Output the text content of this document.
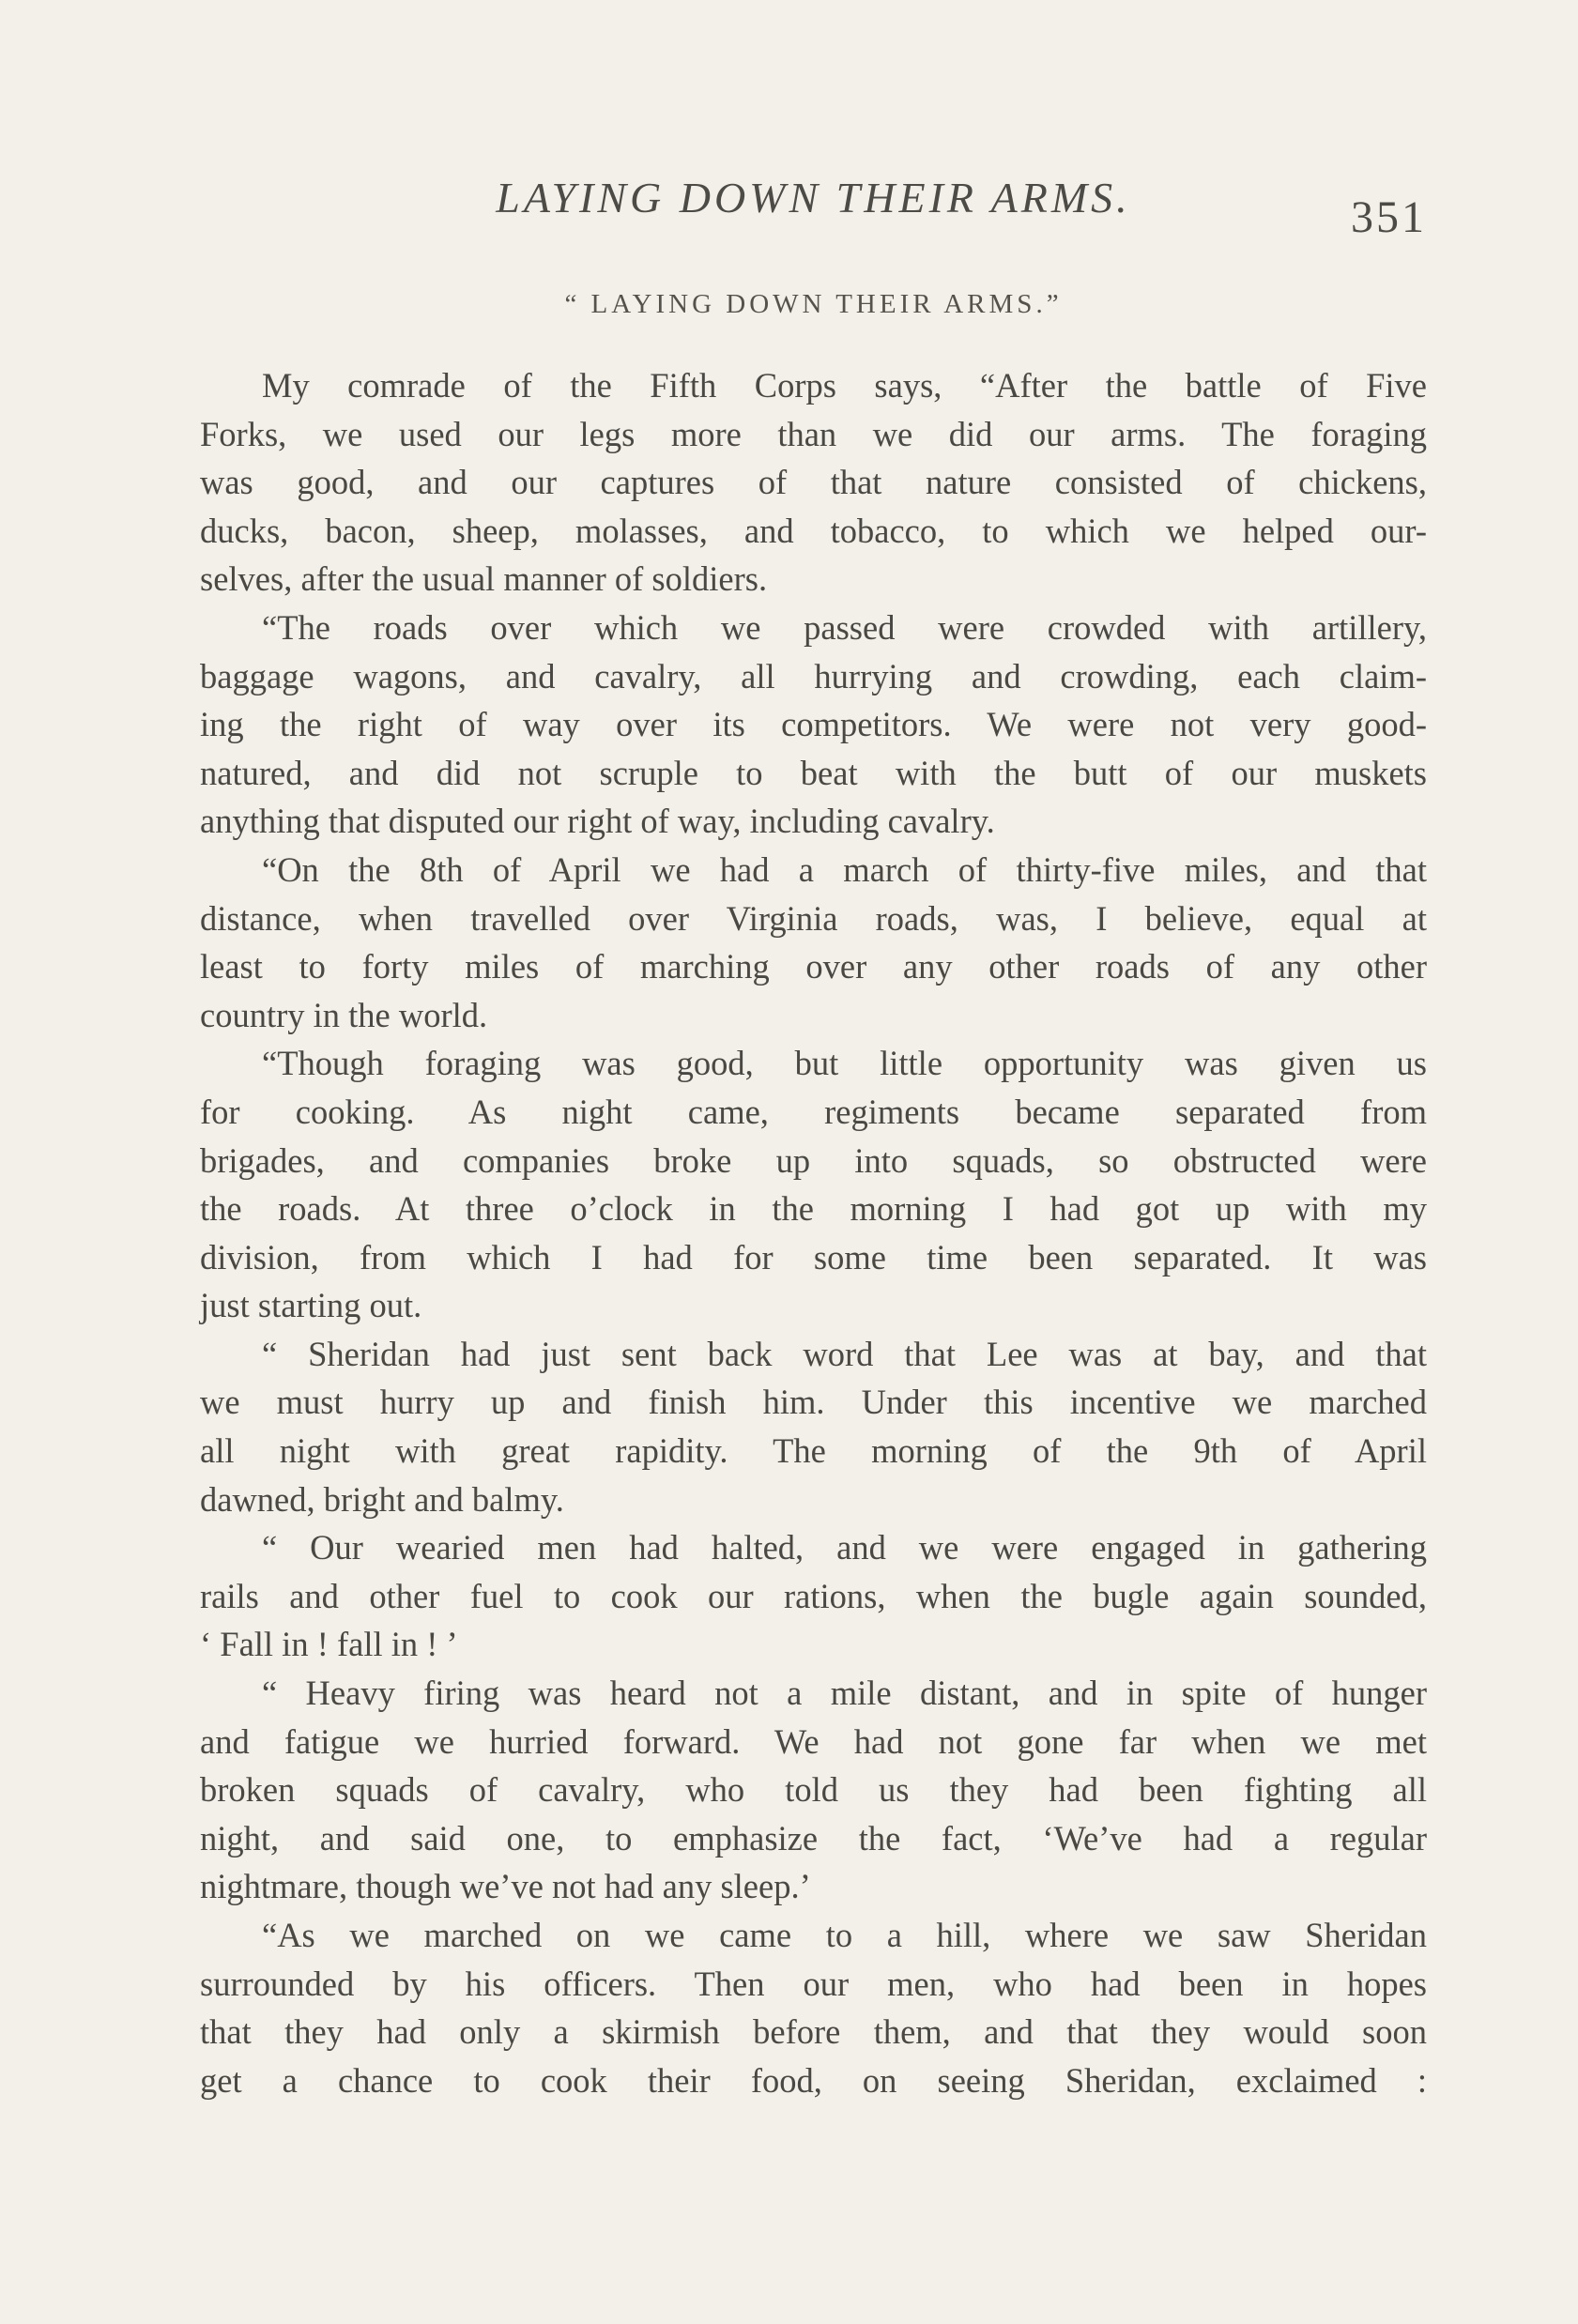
LAYING DOWN THEIR ARMS.	351
“ LAYING DOWN THEIR ARMS.”
My comrade of the Fifth Corps says, “After the battle of Five
Forks, we used our legs more than we did our arms. The foraging
was good, and our captures of that nature consisted of chickens,
ducks, bacon, sheep, molasses, and tobacco, to which we helped our-
selves, after the usual manner of soldiers.
“The roads over which we passed were crowded with artillery,
baggage wagons, and cavalry, all hurrying and crowding, each claim-
ing the right of way over its competitors. We were not very good-
natured, and did not scruple to beat with the butt of our muskets
anything that disputed our right of way, including cavalry.
“On the 8th of April we had a march of thirty-five miles, and that
distance, when travelled over Virginia roads, was, I believe, equal at
least to forty miles of marching over any other roads of any other
country in the world.
“Though foraging was good, but little opportunity was given us
for cooking. As night came, regiments became separated from
brigades, and companies broke up into squads, so obstructed were
the roads. At three o’clock in the morning I had got up with my
division, from which I had for some time been separated. It was
just starting out.
“ Sheridan had just sent back word that Lee was at bay, and that
we must hurry up and finish him. Under this incentive we marched
all night with great rapidity. The morning of the 9th of April
dawned, bright and balmy.
“ Our wearied men had halted, and we were engaged in gathering
rails and other fuel to cook our rations, when the bugle again sounded,
‘ Fall in ! fall in ! ’
“ Heavy firing was heard not a mile distant, and in spite of hunger
and fatigue we hurried forward. We had not gone far when we met
broken squads of cavalry, who told us they had been fighting all
night, and said one, to emphasize the fact, ‘We’ve had a regular
nightmare, though we’ve not had any sleep.’
“As we marched on we came to a hill, where we saw Sheridan
surrounded by his officers. Then our men, who had been in hopes
that they had only a skirmish before them, and that they would soon
get a chance to cook their food, on seeing Sheridan, exclaimed :
